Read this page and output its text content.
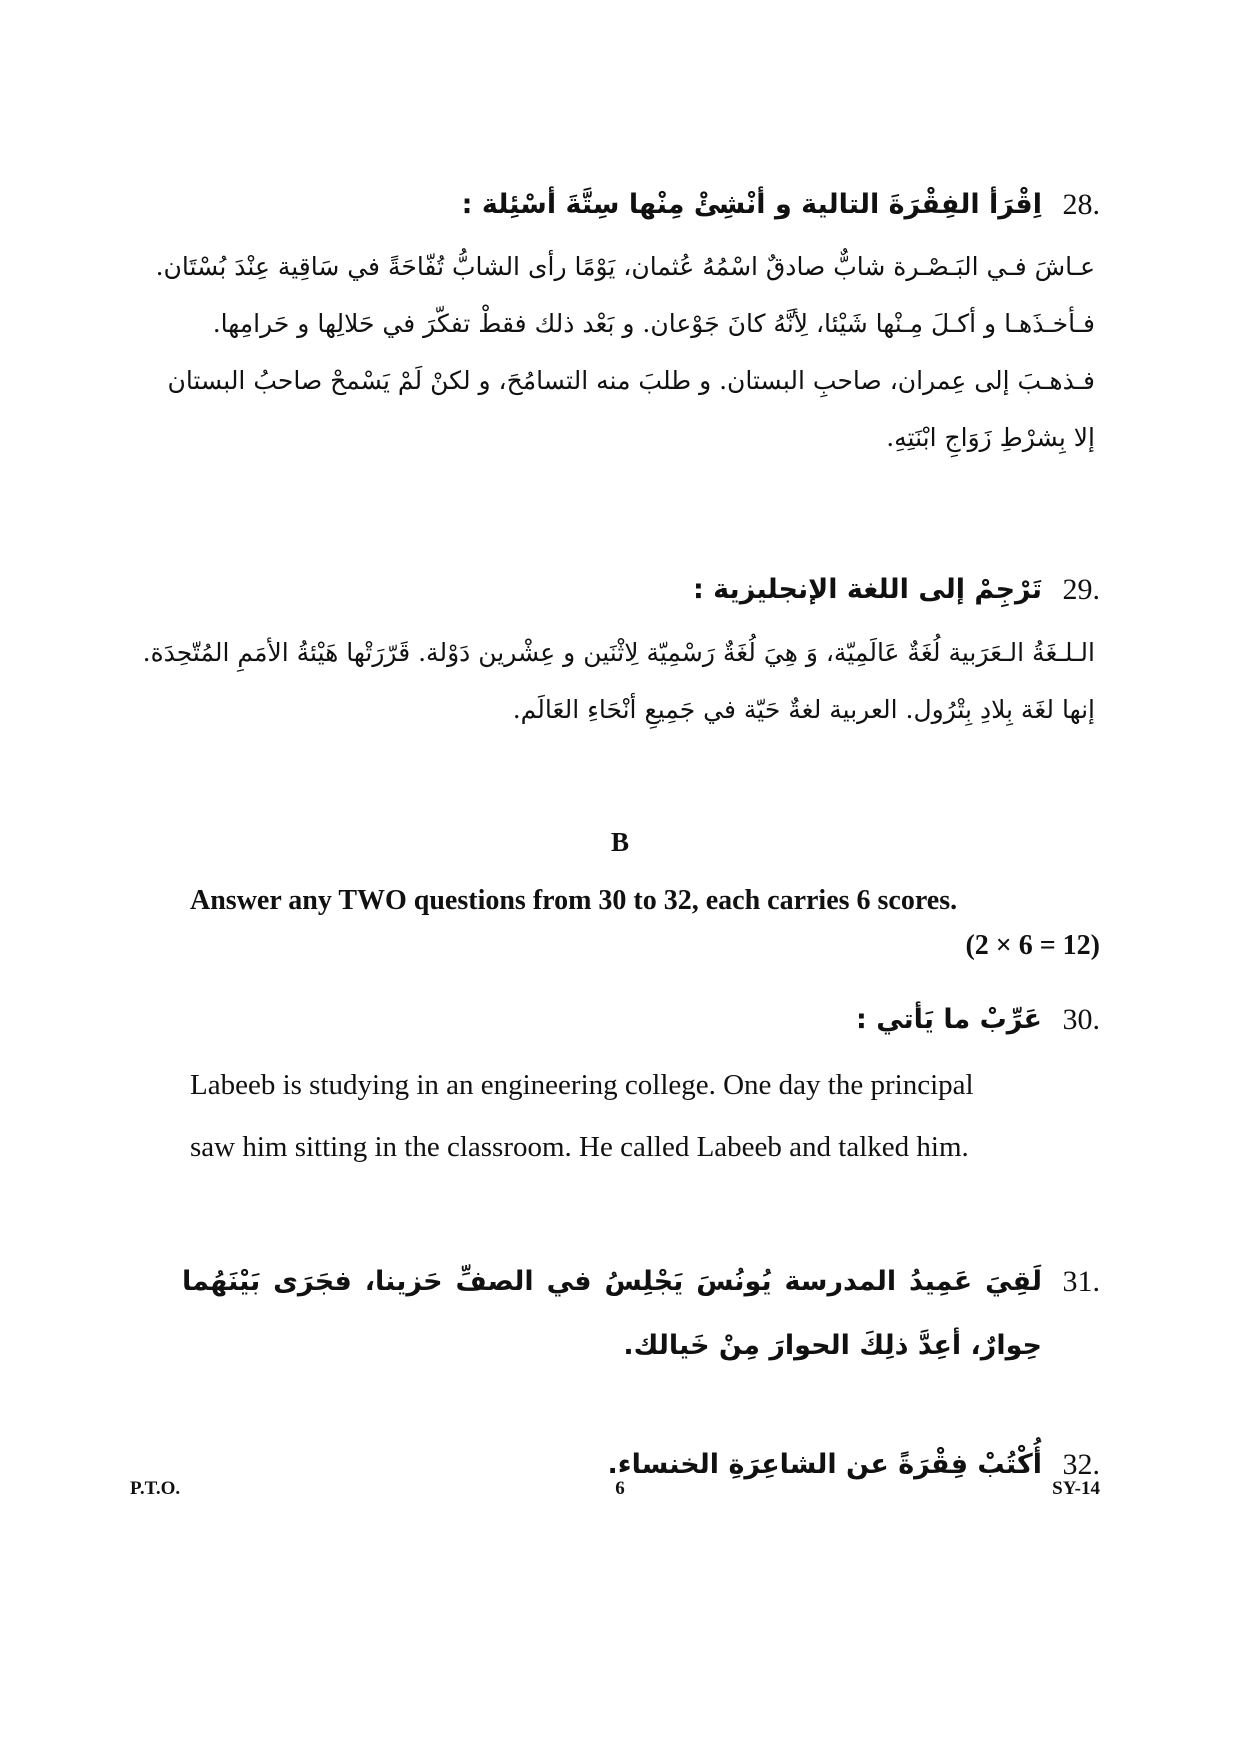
اِقْرَأ الفِقْرَةَ التالية و أنْشِئْ مِنْها سِتَّةَ أسْئِلة : 28.
عـاشَ فـي البَـصْـرة شابٌّ صادقٌ اسْمُهُ عُثمان، يَوْمًا رأى الشابُّ تُفّاحَةً في سَاقِية عِنْدَ بُسْتَان.
فـأخـذَهـا و أكـلَ مِـنْها شَيْئا، لِأنَّهُ كانَ جَوْعان. و بَعْد ذلك فقطْ تفكّرَ في حَلالِها و حَرامِها.
فـذهـبَ إلى عِمران، صاحبِ البستان. و طلبَ منه التسامُحَ، و لكنْ لَمْ يَسْمحْ صاحبُ البستان
إلا بِشرْطِ زَوَاجِ ابْنَتِهِ.
تَرْجِمْ إلى اللغة الإنجليزية : 29.
الـلـغَةُ الـعَرَبية لُغَةٌ عَالَمِيّة، وَ هِيَ لُغَةٌ رَسْمِيّة لِاثْنَين و عِشْرين دَوْلة. قَرّرَتْها هَيْئةُ الأمَمِ المُتّحِدَة.
إنها لغَة بِلادِ بِتْرُول. العربية لغةٌ حَيّة في جَمِيعِ أنْحَاءِ العَالَم.
B
Answer any TWO questions from 30 to 32, each carries 6 scores.
(2 × 6 = 12)
عَرِّبْ ما يَأتي : 30.
Labeeb is studying in an engineering college. One day the principal
saw him sitting in the classroom. He called Labeeb and talked him.
31.
لَقِيَ عَمِيدُ المدرسة يُونُسَ يَجْلِسُ في الصفِّ حَزينا، فجَرَى بَيْنَهُما حِوارٌ، أعِدَّ ذلِكَ الحوارَ مِنْ خَيالك.
أُكْتُبْ فِقْرَةً عن الشاعِرَةِ الخنساء. 32.
P.T.O.	6	SY-14
